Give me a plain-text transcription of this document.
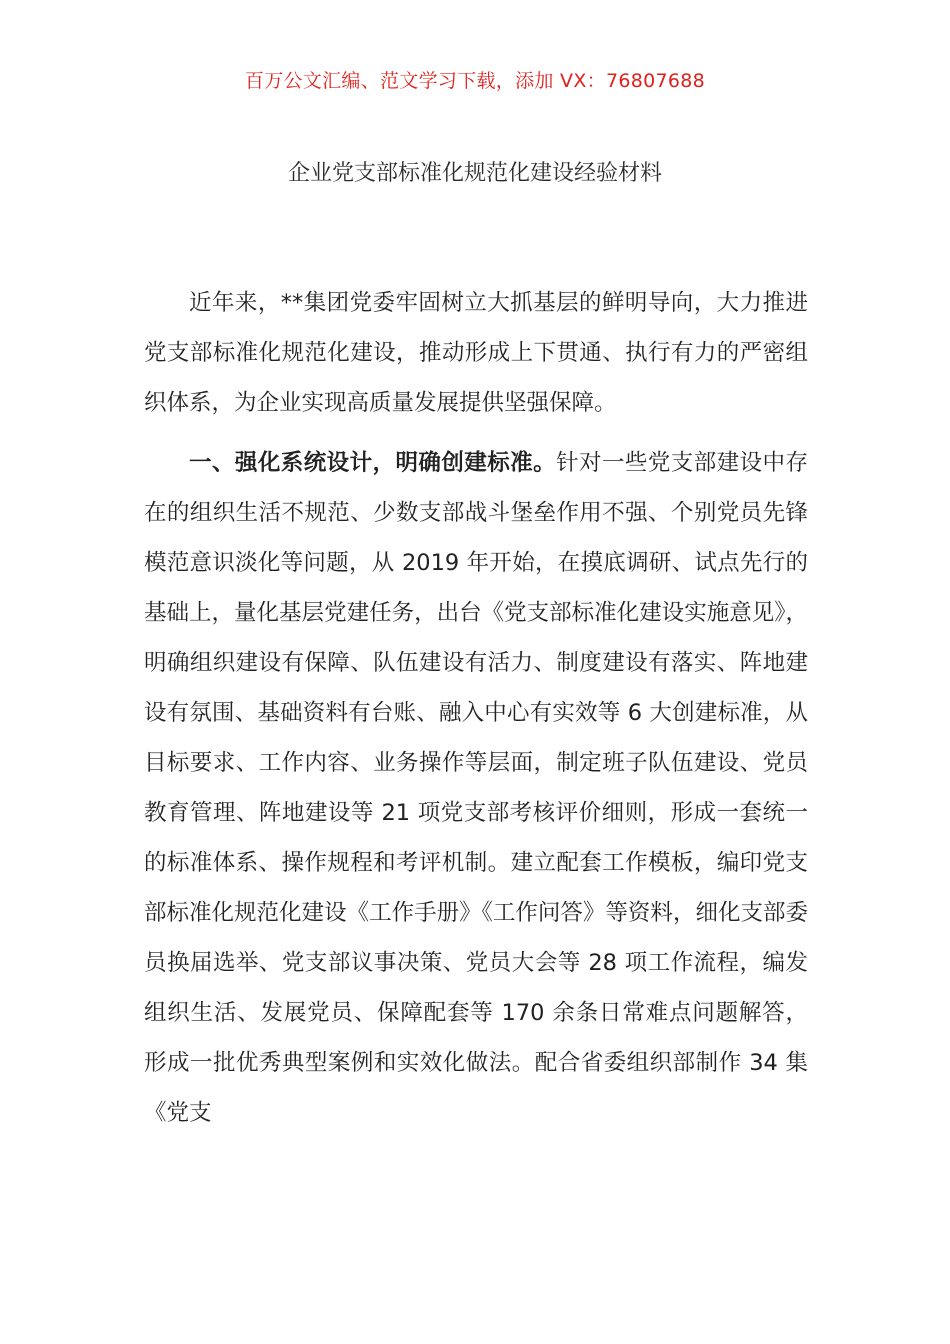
百万公文汇编、范文学习下载，添加 VX：76807688
企业党支部标准化规范化建设经验材料

近年来，**集团党委牢固树立大抓基层的鲜明导向，大力推进党支部标准化规范化建设，推动形成上下贯通、执行有力的严密组织体系，为企业实现高质量发展提供坚强保障。

一、强化系统设计，明确创建标准。针对一些党支部建设中存在的组织生活不规范、少数支部战斗堡垒作用不强、个别党员先锋模范意识淡化等问题，从 2019 年开始，在摸底调研、试点先行的基础上，量化基层党建任务，出台《党支部标准化建设实施意见》，明确组织建设有保障、队伍建设有活力、制度建设有落实、阵地建设有氛围、基础资料有台账、融入中心有实效等 6 大创建标准，从目标要求、工作内容、业务操作等层面，制定班子队伍建设、党员教育管理、阵地建设等 21 项党支部考核评价细则，形成一套统一的标准体系、操作规程和考评机制。建立配套工作模板，编印党支部标准化规范化建设《工作手册》《工作问答》等资料，细化支部委员换届选举、党支部议事决策、党员大会等 28 项工作流程，编发组织生活、发展党员、保障配套等 170 余条日常难点问题解答，形成一批优秀典型案例和实效化做法。配合省委组织部制作 34 集《党支
